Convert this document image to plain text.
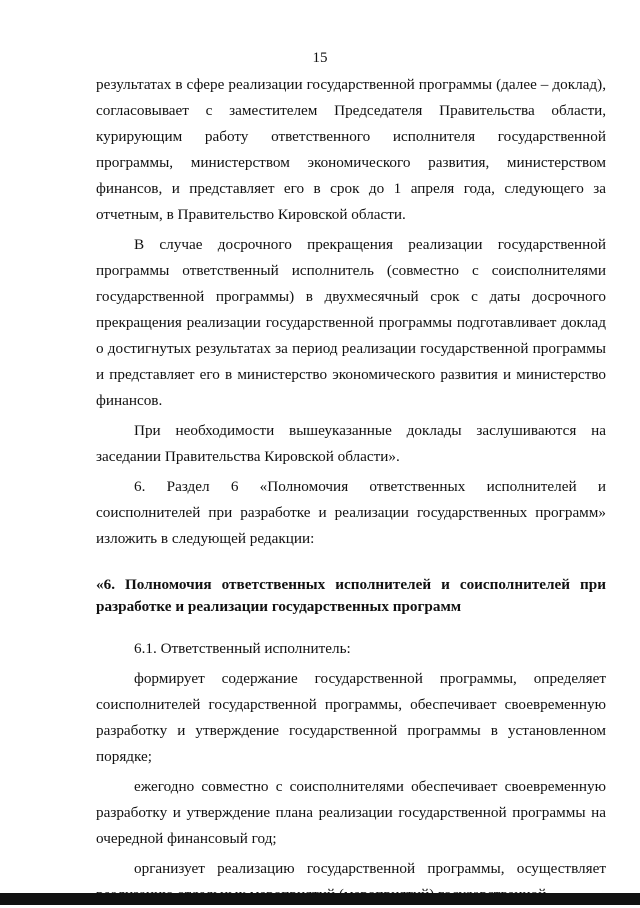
15

результатах в сфере реализации государственной программы (далее – доклад), согласовывает с заместителем Председателя Правительства области, курирующим работу ответственного исполнителя государственной программы, министерством экономического развития, министерством финансов, и представляет его в срок до 1 апреля года, следующего за отчетным, в Правительство Кировской области.

В случае досрочного прекращения реализации государственной программы ответственный исполнитель (совместно с соисполнителями государственной программы) в двухмесячный срок с даты досрочного прекращения реализации государственной программы подготавливает доклад о достигнутых результатах за период реализации государственной программы и представляет его в министерство экономического развития и министерство финансов.

При необходимости вышеуказанные доклады заслушиваются на заседании Правительства Кировской области».

6. Раздел 6 «Полномочия ответственных исполнителей и соисполнителей при разработке и реализации государственных программ» изложить в следующей редакции:

«6. Полномочия ответственных исполнителей и соисполнителей при разработке и реализации государственных программ

6.1. Ответственный исполнитель:

формирует содержание государственной программы, определяет соисполнителей государственной программы, обеспечивает своевременную разработку и утверждение государственной программы в установленном порядке;

ежегодно совместно с соисполнителями обеспечивает своевременную разработку и утверждение плана реализации государственной программы на очередной финансовый год;

организует реализацию государственной программы, осуществляет
